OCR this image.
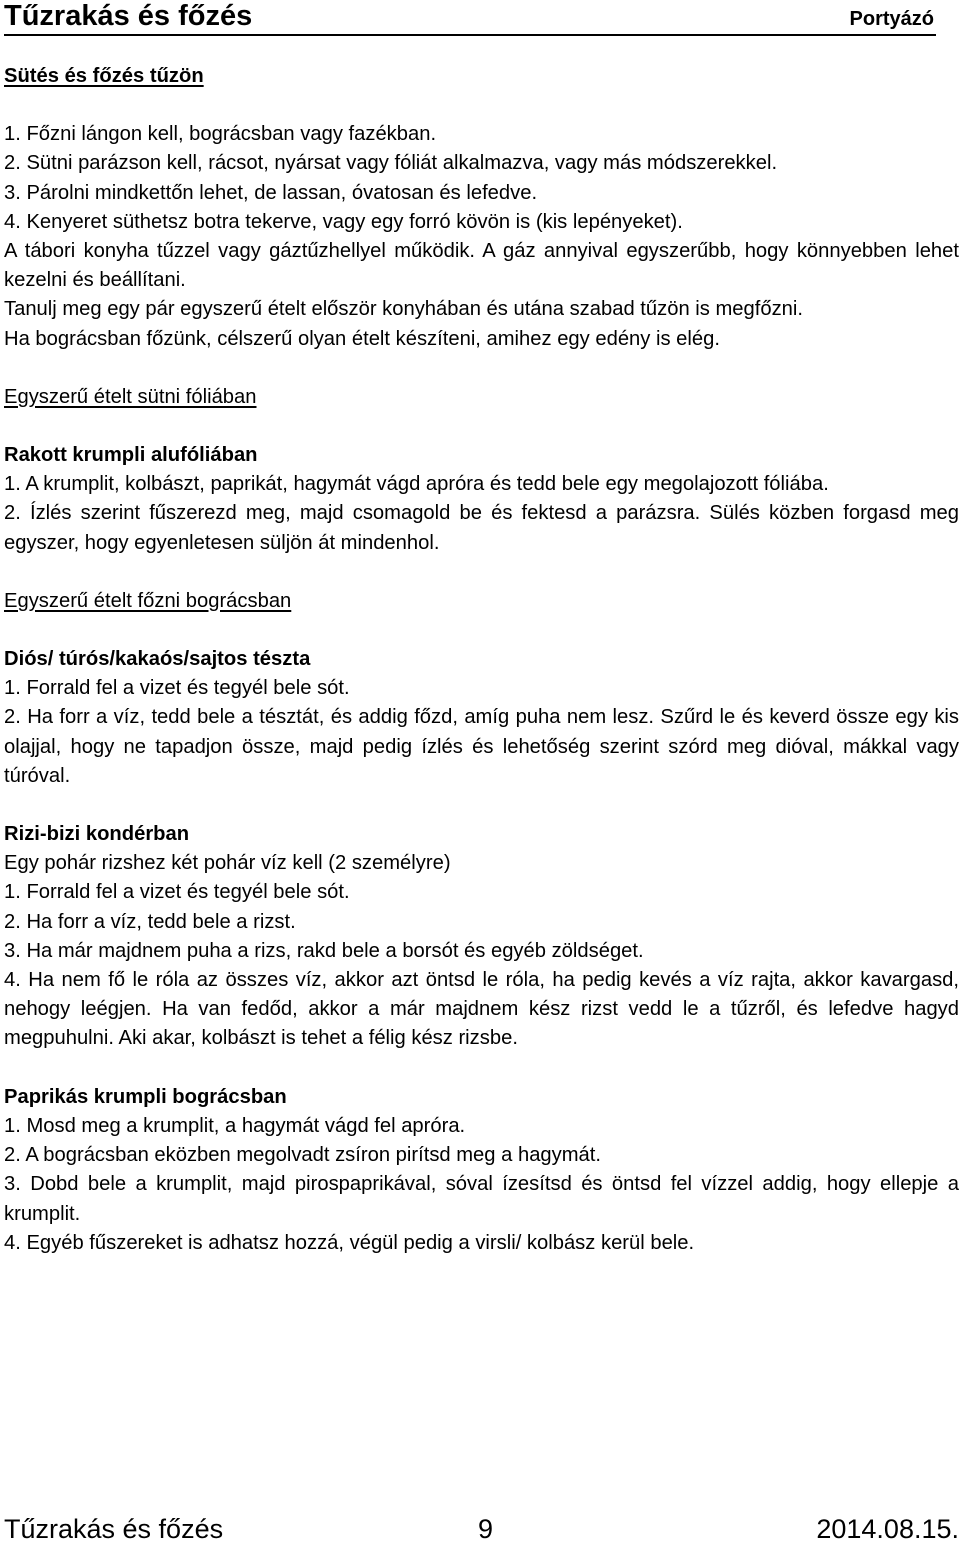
Tűzrakás és főzés	Portyázó

Sütés és főzés tűzön

1. Főzni lángon kell, bográcsban vagy fazékban.

2. Sütni parázson kell, rácsot, nyársat vagy fóliát alkalmazva, vagy más módszerekkel.

3. Párolni mindkettőn lehet, de lassan, óvatosan és lefedve.

4. Kenyeret süthetsz botra tekerve, vagy egy forró kövön is (kis lepényeket).

A tábori konyha tűzzel vagy gáztűzhellyel működik. A gáz annyival egyszerűbb, hogy könnyebben lehet kezelni és beállítani.

Tanulj meg egy pár egyszerű ételt először konyhában és utána szabad tűzön is megfőzni.

Ha bográcsban főzünk, célszerű olyan ételt készíteni, amihez egy edény is elég.

Egyszerű ételt sütni fóliában

Rakott krumpli alufóliában

1. A krumplit, kolbászt, paprikát, hagymát vágd apróra és tedd bele egy megolajozott fóliába.

2. Ízlés szerint fűszerezd meg, majd csomagold be és fektesd a parázsra. Sülés közben forgasd meg egyszer, hogy egyenletesen süljön át mindenhol.

Egyszerű ételt főzni bográcsban

Diós/ túrós/kakaós/sajtos tészta

1. Forrald fel a vizet és tegyél bele sót.

2. Ha forr a víz, tedd bele a tésztát, és addig főzd, amíg puha nem lesz. Szűrd le és keverd össze egy kis olajjal, hogy ne tapadjon össze, majd pedig ízlés és lehetőség szerint szórd meg dióval, mákkal vagy túróval.

Rizi-bizi kondérban

Egy pohár rizshez két pohár víz kell (2 személyre)

1. Forrald fel a vizet és tegyél bele sót.

2. Ha forr a víz, tedd bele a rizst.

3. Ha már majdnem puha a rizs, rakd bele a borsót és egyéb zöldséget.

4. Ha nem fő le róla az összes víz, akkor azt öntsd le róla, ha pedig kevés a víz rajta, akkor kavargasd, nehogy leégjen. Ha van fedőd, akkor a már majdnem kész rizst vedd le a tűzről, és lefedve hagyd megpuhulni. Aki akar, kolbászt is tehet a félig kész rizsbe.

Paprikás krumpli bográcsban

1. Mosd meg a krumplit, a hagymát vágd fel apróra.

2. A bográcsban eközben megolvadt zsíron pirítsd meg a hagymát.

3. Dobd bele a krumplit, majd pirospaprikával, sóval ízesítsd és öntsd fel vízzel addig, hogy ellepje a krumplit.

4. Egyéb fűszereket is adhatsz hozzá, végül pedig a virsli/ kolbász kerül bele.

Tűzrakás és főzés	9	2014.08.15.
